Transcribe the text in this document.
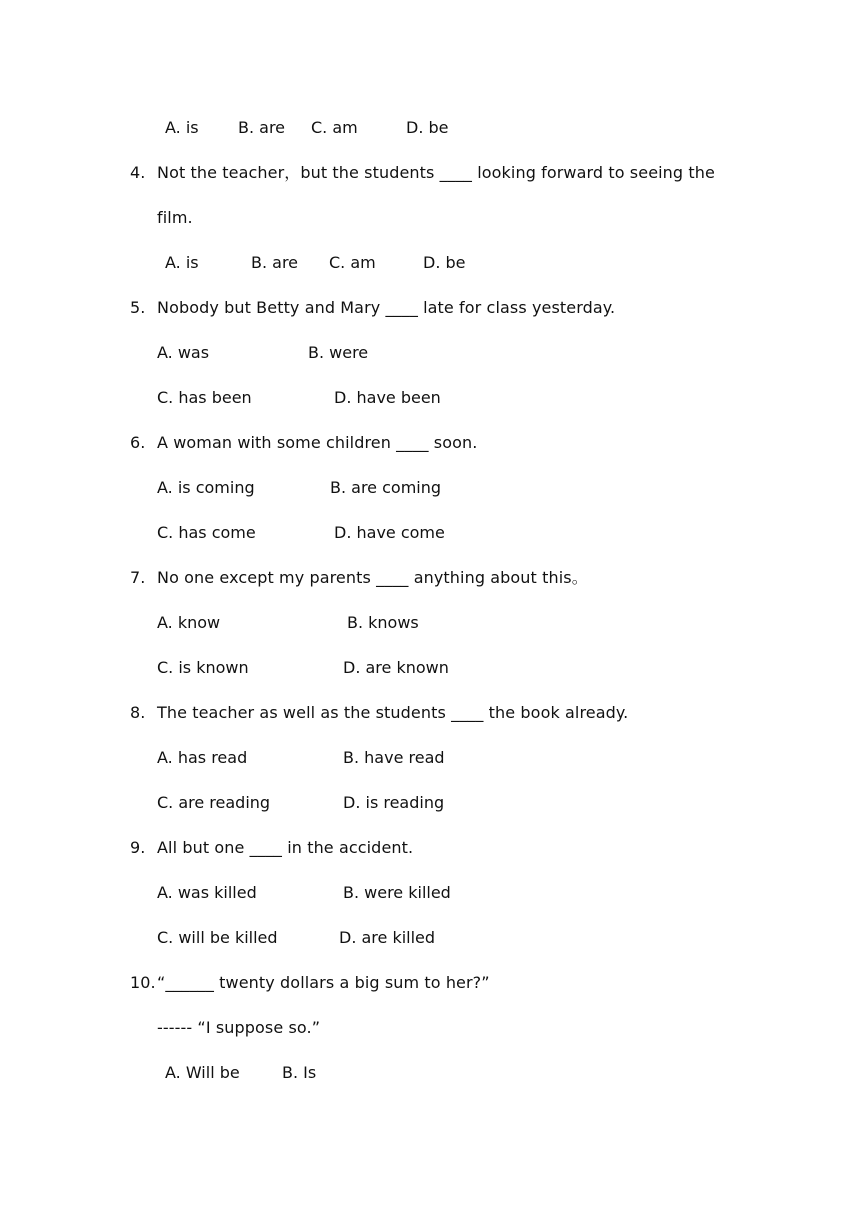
A. is B. are C. am	D. be
4. Not the teacher，but the students ____ looking forward to seeing the
film.
A. is	B. are C. am	D. be
5. Nobody but Betty and Mary ____ late for class yesterday.
A. was	B. were
C. has been	D. have been
6. A woman with some children ____ soon.
A. is coming	B. are coming
C. has come	D. have come
7. No one except my parents ____ anything about this。
A. know	B. knows
C. is known	D. are known
8. The teacher as well as the students ____ the book already.
A. has read	B. have read
C. are reading	D. is reading
9. All but one ____ in the accident.
A. was killed	B. were killed
C. will be killed	D. are killed
10. “______ twenty dollars a big sum to her?”
------ “I suppose so.”
A. Will be	B. Is
